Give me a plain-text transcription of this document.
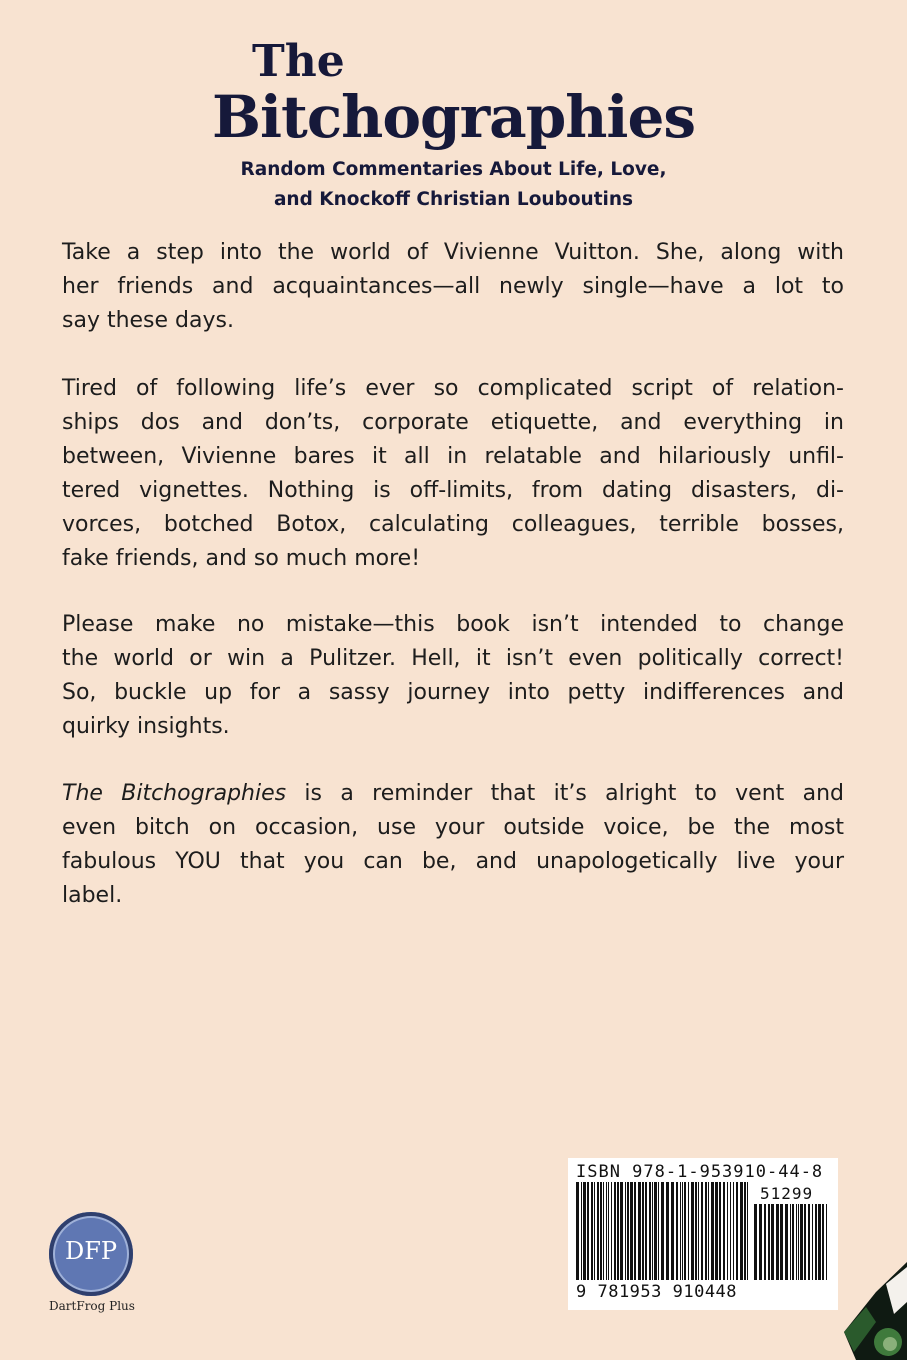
The
Bitchographies
Random Commentaries About Life, Love,
and Knockoff Christian Louboutins
Take a step into the world of Vivienne Vuitton. She, along with
her friends and acquaintances—all newly single—have a lot to
say these days.
Tired of following life’s ever so complicated script of relation-
ships dos and don’ts, corporate etiquette, and everything in
between, Vivienne bares it all in relatable and hilariously unfil-
tered vignettes. Nothing is off-limits, from dating disasters, di-
vorces, botched Botox, calculating colleagues, terrible bosses,
fake friends, and so much more!
Please make no mistake—this book isn’t intended to change
the world or win a Pulitzer. Hell, it isn’t even politically correct!
So, buckle up for a sassy journey into petty indifferences and
quirky insights.
The Bitchographies is a reminder that it’s alright to vent and
even bitch on occasion, use your outside voice, be the most
fabulous YOU that you can be, and unapologetically live your
label.
DFP
DartFrog Plus
ISBN 978-1-953910-44-8
51299
9 781953 910448
